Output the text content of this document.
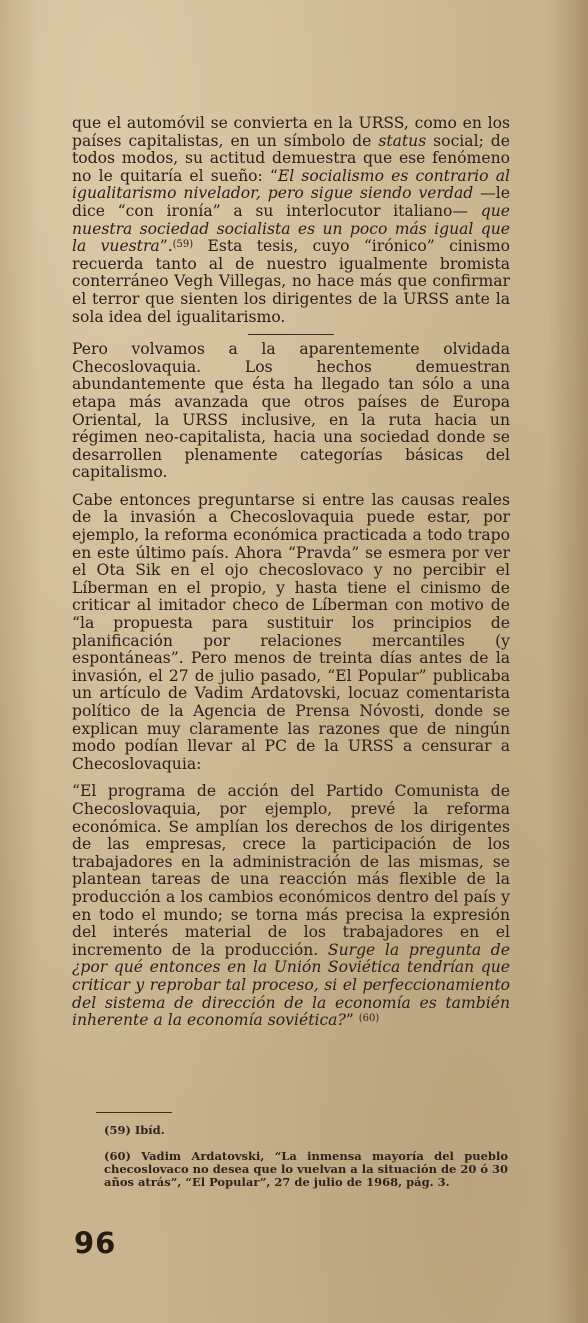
que el automóvil se convierta en la URSS, como en los países capitalistas, en un símbolo de status social; de todos modos, su actitud demuestra que ese fenómeno no le quitaría el sueño: “El socialismo es contrario al igualitarismo nivelador, pero sigue siendo verdad —le dice “con ironía” a su interlocutor italiano— que nuestra sociedad socialista es un poco más igual que la vuestra”.$^{(59)}$ Esta tesis, cuyo “irónico” cinismo recuerda tanto al de nuestro igualmente bromista conterráneo Vegh Villegas, no hace más que confirmar el terror que sienten los dirigentes de la URSS ante la sola idea del igualitarismo.

Pero volvamos a la aparentemente olvidada Checoslovaquia. Los hechos demuestran abundantemente que ésta ha llegado tan sólo a una etapa más avanzada que otros países de Europa Oriental, la URSS inclusive, en la ruta hacia un régimen neo-capitalista, hacia una sociedad donde se desarrollen plenamente categorías básicas del capitalismo.

Cabe entonces preguntarse si entre las causas reales de la invasión a Checoslovaquia puede estar, por ejemplo, la reforma económica practicada a todo trapo en este último país. Ahora “Pravda” se esmera por ver el Ota Sik en el ojo checoslovaco y no percibir el Líberman en el propio, y hasta tiene el cinismo de criticar al imitador checo de Líberman con motivo de “la propuesta para sustituir los principios de planificación por relaciones mercantiles (y espontáneas”. Pero menos de treinta días antes de la invasión, el 27 de julio pasado, “El Popular” publicaba un artículo de Vadim Ardatovski, locuaz comentarista político de la Agencia de Prensa Nóvosti, donde se explican muy claramente las razones que de ningún modo podían llevar al PC de la URSS a censurar a Checoslovaquia:

“El programa de acción del Partido Comunista de Checoslovaquia, por ejemplo, prevé la reforma económica. Se amplían los derechos de los dirigentes de las empresas, crece la participación de los trabajadores en la administración de las mismas, se plantean tareas de una reacción más flexible de la producción a los cambios económicos dentro del país y en todo el mundo; se torna más precisa la expresión del interés material de los trabajadores en el incremento de la producción. Surge la pregunta de ¿por qué entonces en la Unión Soviética tendrían que criticar y reprobar tal proceso, si el perfeccionamiento del sistema de dirección de la economía es también inherente a la economía soviética?” $^{(60)}$

(59) Ibíd.

(60) Vadim Ardatovski, “La inmensa mayoría del pueblo checoslovaco no desea que lo vuelvan a la situación de 20 ó 30 años atrás”, “El Popular”, 27 de julio de 1968, pág. 3.

96
